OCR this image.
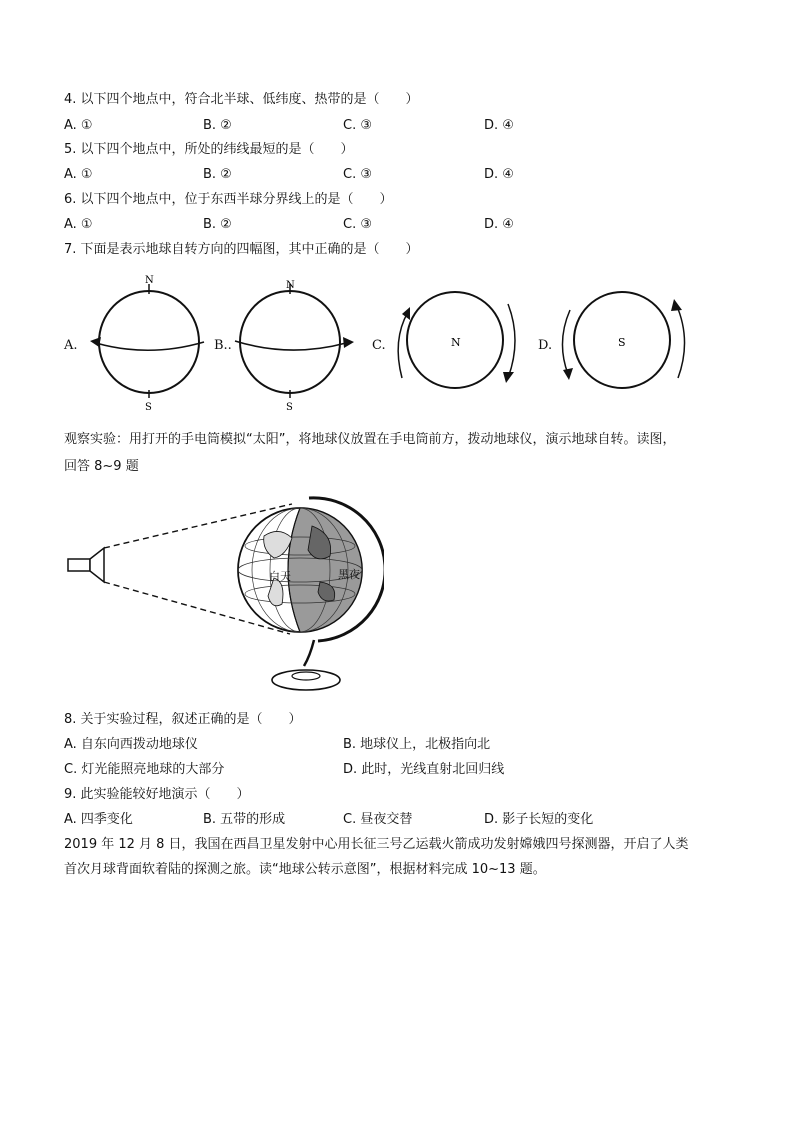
4. 以下四个地点中，符合北半球、低纬度、热带的是（　　）
A. ①	B. ②	C. ③	D. ④
5. 以下四个地点中，所处的纬线最短的是（　　）
A. ①	B. ②	C. ③	D. ④
6. 以下四个地点中，位于东西半球分界线上的是（　　）
A. ①	B. ②	C. ③	D. ④
7. 下面是表示地球自转方向的四幅图，其中正确的是（　　）
A.
N
S
B..
N
S
C.	N	D.	S
观察实验：用打开的手电筒模拟“太阳”，将地球仪放置在手电筒前方，拨动地球仪，演示地球自转。读图，
回答 8~9 题
白天	黑夜
8. 关于实验过程，叙述正确的是（　　）
A. 自东向西拨动地球仪	B. 地球仪上，北极指向北
C. 灯光能照亮地球的大部分	D. 此时，光线直射北回归线
9. 此实验能较好地演示（　　）
A. 四季变化	B. 五带的形成	C. 昼夜交替	D. 影子长短的变化
2019 年 12 月 8 日，我国在西昌卫星发射中心用长征三号乙运载火箭成功发射嫦娥四号探测器，开启了人类
首次月球背面软着陆的探测之旅。读“地球公转示意图”，根据材料完成 10~13 题。
